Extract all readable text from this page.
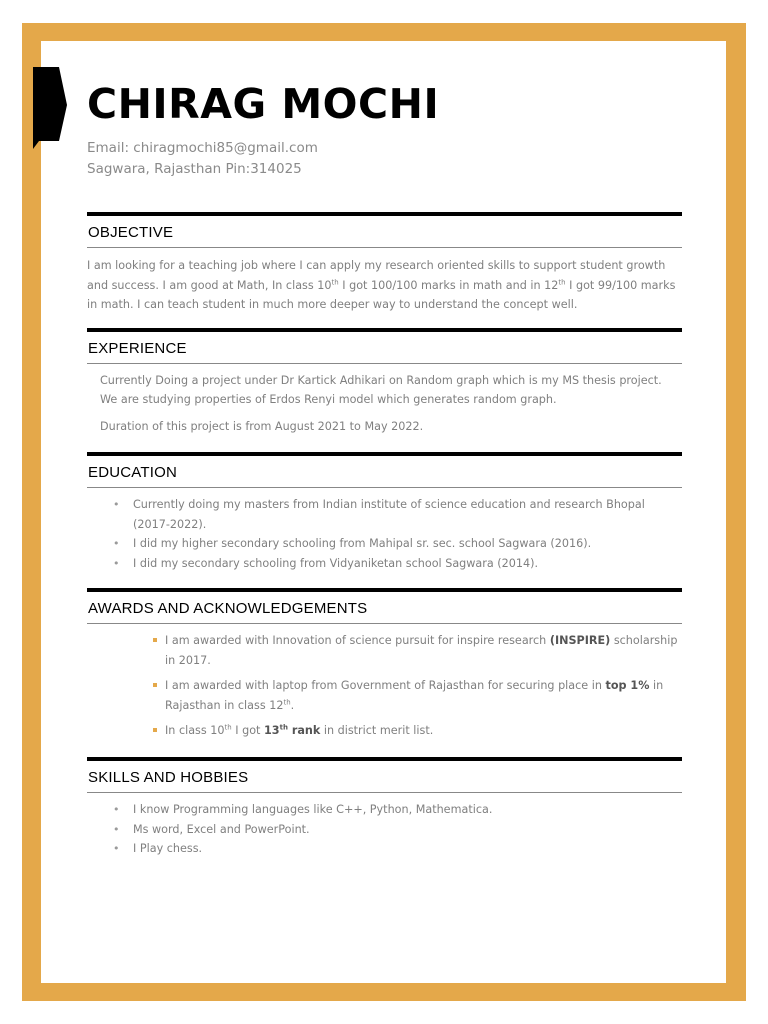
CHIRAG MOCHI
Email: chiragmochi85@gmail.com
Sagwara, Rajasthan Pin:314025
OBJECTIVE
I am looking for a teaching job where I can apply my research oriented skills to support student growth and success. I am good at Math, In class 10th I got 100/100 marks in math and in 12th I got 99/100 marks in math. I can teach student in much more deeper way to understand the concept well.
EXPERIENCE
Currently Doing a project under Dr Kartick Adhikari on Random graph which is my MS thesis project. We are studying properties of Erdos Renyi model which generates random graph.
Duration of this project is from August 2021 to May 2022.
EDUCATION
• Currently doing my masters from Indian institute of science education and research Bhopal (2017-2022).
• I did my higher secondary schooling from Mahipal sr. sec. school Sagwara (2016).
• I did my secondary schooling from Vidyaniketan school Sagwara (2014).
AWARDS AND ACKNOWLEDGEMENTS
I am awarded with Innovation of science pursuit for inspire research (INSPIRE) scholarship in 2017.
I am awarded with laptop from Government of Rajasthan for securing place in top 1% in Rajasthan in class 12th.
In class 10th I got 13th rank in district merit list.
SKILLS AND HOBBIES
• I know Programming languages like C++, Python, Mathematica.
• Ms word, Excel and PowerPoint.
• I Play chess.
